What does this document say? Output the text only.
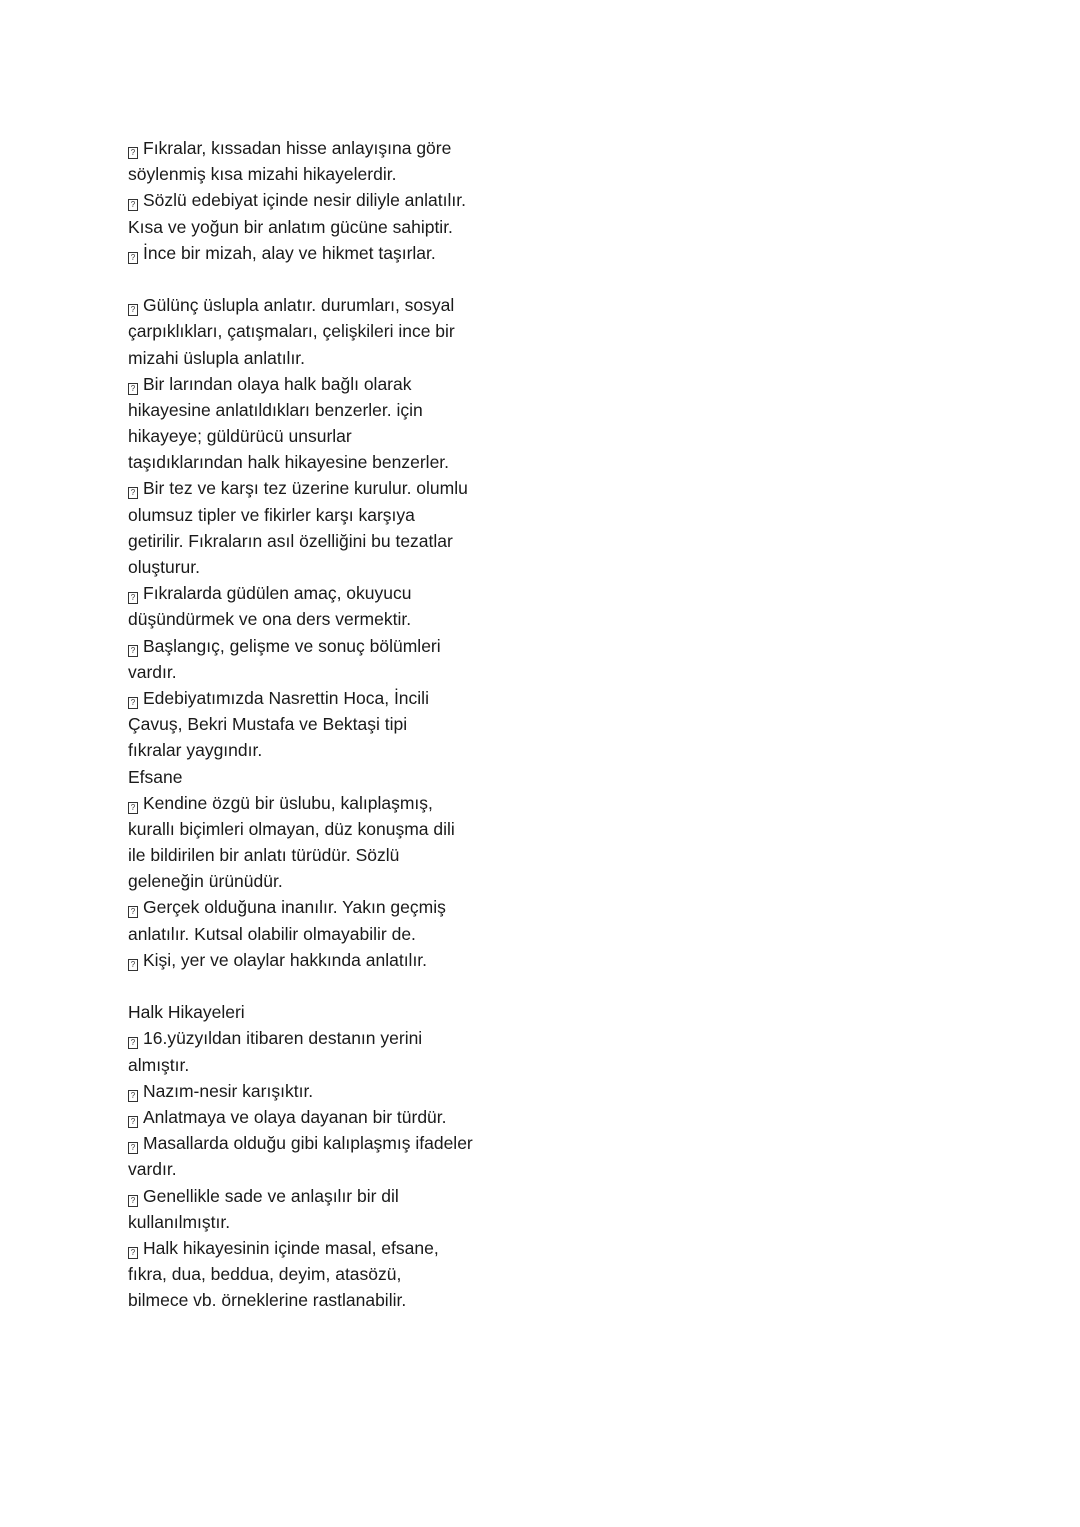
? Fıkralar, kıssadan hisse anlayışına göre
söylenmiş kısa mizahi hikayelerdir.
? Sözlü edebiyat içinde nesir diliyle anlatılır.
Kısa ve yoğun bir anlatım gücüne sahiptir.
? İnce bir mizah, alay ve hikmet taşırlar.
? Gülünç üslupla anlatır. durumları, sosyal
çarpıklıkları, çatışmaları, çelişkileri ince bir
mizahi üslupla anlatılır.
? Bir larından olaya halk bağlı olarak
hikayesine anlatıldıkları benzerler. için
hikayeye; güldürücü unsurlar
taşıdıklarından halk hikayesine benzerler.
? Bir tez ve karşı tez üzerine kurulur. olumlu
olumsuz tipler ve fikirler karşı karşıya
getirilir. Fıkraların asıl özelliğini bu tezatlar
oluşturur.
? Fıkralarda güdülen amaç, okuyucu
düşündürmek ve ona ders vermektir.
? Başlangıç, gelişme ve sonuç bölümleri
vardır.
? Edebiyatımızda Nasrettin Hoca, İncili
Çavuş, Bekri Mustafa ve Bektaşi tipi
fıkralar yaygındır.
Efsane
? Kendine özgü bir üslubu, kalıplaşmış,
kurallı biçimleri olmayan, düz konuşma dili
ile bildirilen bir anlatı türüdür. Sözlü
geleneğin ürünüdür.
? Gerçek olduğuna inanılır. Yakın geçmiş
anlatılır. Kutsal olabilir olmayabilir de.
? Kişi, yer ve olaylar hakkında anlatılır.
Halk Hikayeleri
? 16.yüzyıldan itibaren destanın yerini
almıştır.
? Nazım-nesir karışıktır.
? Anlatmaya ve olaya dayanan bir türdür.
? Masallarda olduğu gibi kalıplaşmış ifadeler
vardır.
? Genellikle sade ve anlaşılır bir dil
kullanılmıştır.
? Halk hikayesinin içinde masal, efsane,
fıkra, dua, beddua, deyim, atasözü,
bilmece vb. örneklerine rastlanabilir.
